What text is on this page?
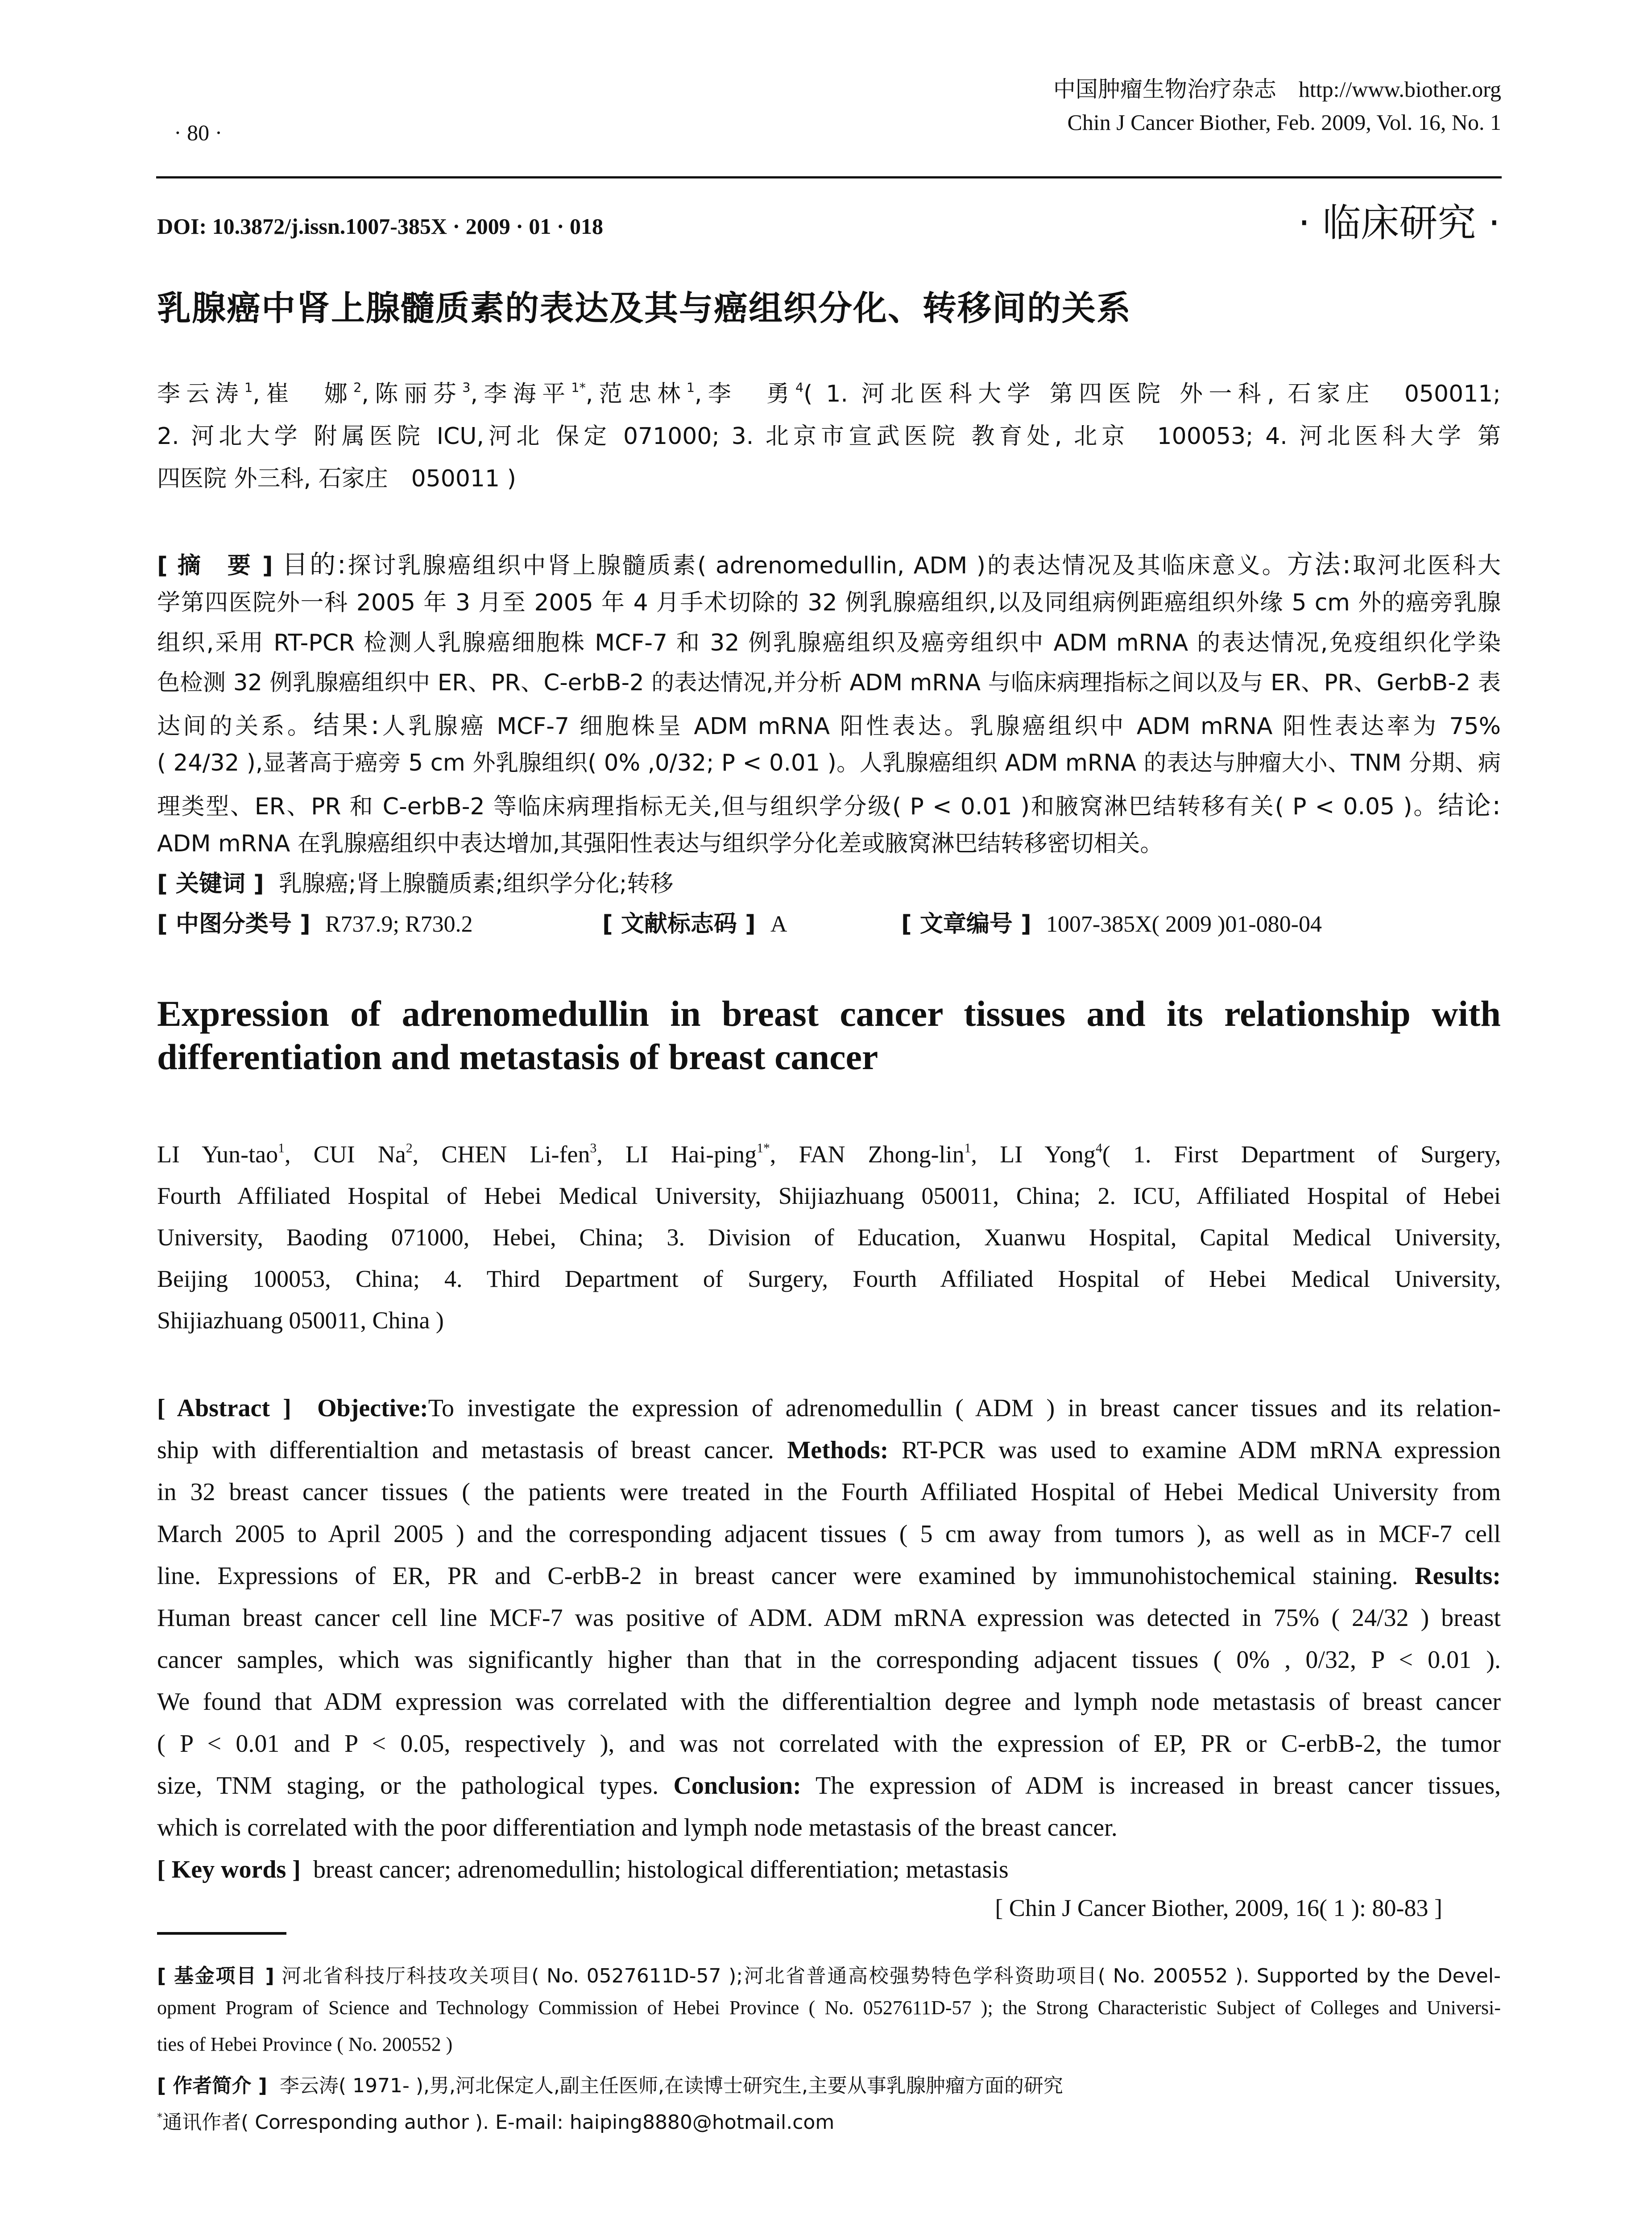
中国肿瘤生物治疗杂志　http://www.biother.org
Chin J Cancer Biother, Feb. 2009, Vol. 16, No. 1
· 80 ·
DOI: 10.3872/j.issn.1007-385X · 2009 · 01 · 018	· 临床研究 ·
乳腺癌中肾上腺髓质素的表达及其与癌组织分化、转移间的关系
李云涛$^1$,崔　娜$^2$,陈丽芬$^3$,李海平$^{1*}$,范忠林$^1$,李　勇$^4$( 1. 河北医科大学 第四医院 外一科, 石家庄　050011;
2. 河北大学 附属医院 ICU,河北 保定 071000; 3. 北京市宣武医院 教育处, 北京　100053; 4. 河北医科大学 第
四医院 外三科, 石家庄　050011 )
[ 摘　要 ] 目的:探讨乳腺癌组织中肾上腺髓质素( adrenomedullin, ADM )的表达情况及其临床意义。方法:取河北医科大
学第四医院外一科 2005 年 3 月至 2005 年 4 月手术切除的 32 例乳腺癌组织,以及同组病例距癌组织外缘 5 cm 外的癌旁乳腺
组织,采用 RT-PCR 检测人乳腺癌细胞株 MCF-7 和 32 例乳腺癌组织及癌旁组织中 ADM mRNA 的表达情况,免疫组织化学染
色检测 32 例乳腺癌组织中 ER、PR、C-erbB-2 的表达情况,并分析 ADM mRNA 与临床病理指标之间以及与 ER、PR、GerbB-2 表
达间的关系。结果:人乳腺癌 MCF-7 细胞株呈 ADM mRNA 阳性表达。乳腺癌组织中 ADM mRNA 阳性表达率为 75%
( 24/32 ),显著高于癌旁 5 cm 外乳腺组织( 0% ,0/32; P < 0.01 )。人乳腺癌组织 ADM mRNA 的表达与肿瘤大小、TNM 分期、病
理类型、ER、PR 和 C-erbB-2 等临床病理指标无关,但与组织学分级( P < 0.01 )和腋窝淋巴结转移有关( P < 0.05 )。结论:
ADM mRNA 在乳腺癌组织中表达增加,其强阳性表达与组织学分化差或腋窝淋巴结转移密切相关。
[ 关键词 ] 乳腺癌;肾上腺髓质素;组织学分化;转移
[ 中图分类号 ] R737.9; R730.2	[ 文献标志码 ] A	[ 文章编号 ] 1007-385X( 2009 )01-080-04
Expression of adrenomedullin in breast cancer tissues and its relationship with
differentiation and metastasis of breast cancer
LI Yun-tao$^1$, CUI Na$^2$, CHEN Li-fen$^3$, LI Hai-ping$^{1*}$, FAN Zhong-lin$^1$, LI Yong$^4$( 1. First Department of Surgery,
Fourth Affiliated Hospital of Hebei Medical University, Shijiazhuang 050011, China; 2. ICU, Affiliated Hospital of Hebei
University, Baoding 071000, Hebei, China; 3. Division of Education, Xuanwu Hospital, Capital Medical University,
Beijing 100053, China; 4. Third Department of Surgery, Fourth Affiliated Hospital of Hebei Medical University,
Shijiazhuang 050011, China )
[ Abstract ] Objective:To investigate the expression of adrenomedullin ( ADM ) in breast cancer tissues and its relation-
ship with differentialtion and metastasis of breast cancer. Methods: RT-PCR was used to examine ADM mRNA expression
in 32 breast cancer tissues ( the patients were treated in the Fourth Affiliated Hospital of Hebei Medical University from
March 2005 to April 2005 ) and the corresponding adjacent tissues ( 5 cm away from tumors ), as well as in MCF-7 cell
line. Expressions of ER, PR and C-erbB-2 in breast cancer were examined by immunohistochemical staining. Results:
Human breast cancer cell line MCF-7 was positive of ADM. ADM mRNA expression was detected in 75% ( 24/32 ) breast
cancer samples, which was significantly higher than that in the corresponding adjacent tissues ( 0% , 0/32, P < 0.01 ).
We found that ADM expression was correlated with the differentialtion degree and lymph node metastasis of breast cancer
( P < 0.01 and P < 0.05, respectively ), and was not correlated with the expression of EP, PR or C-erbB-2, the tumor
size, TNM staging, or the pathological types. Conclusion: The expression of ADM is increased in breast cancer tissues,
which is correlated with the poor differentiation and lymph node metastasis of the breast cancer.
[ Key words ] breast cancer; adrenomedullin; histological differentiation; metastasis
[ Chin J Cancer Biother, 2009, 16( 1 ): 80-83 ]
[ 基金项目 ] 河北省科技厅科技攻关项目( No. 0527611D-57 );河北省普通高校强势特色学科资助项目( No. 200552 ). Supported by the Devel-
opment Program of Science and Technology Commission of Hebei Province ( No. 0527611D-57 ); the Strong Characteristic Subject of Colleges and Universi-
ties of Hebei Province ( No. 200552 )
[ 作者简介 ] 李云涛( 1971- ),男,河北保定人,副主任医师,在读博士研究生,主要从事乳腺肿瘤方面的研究
*通讯作者( Corresponding author ). E-mail: haiping8880@hotmail.com
